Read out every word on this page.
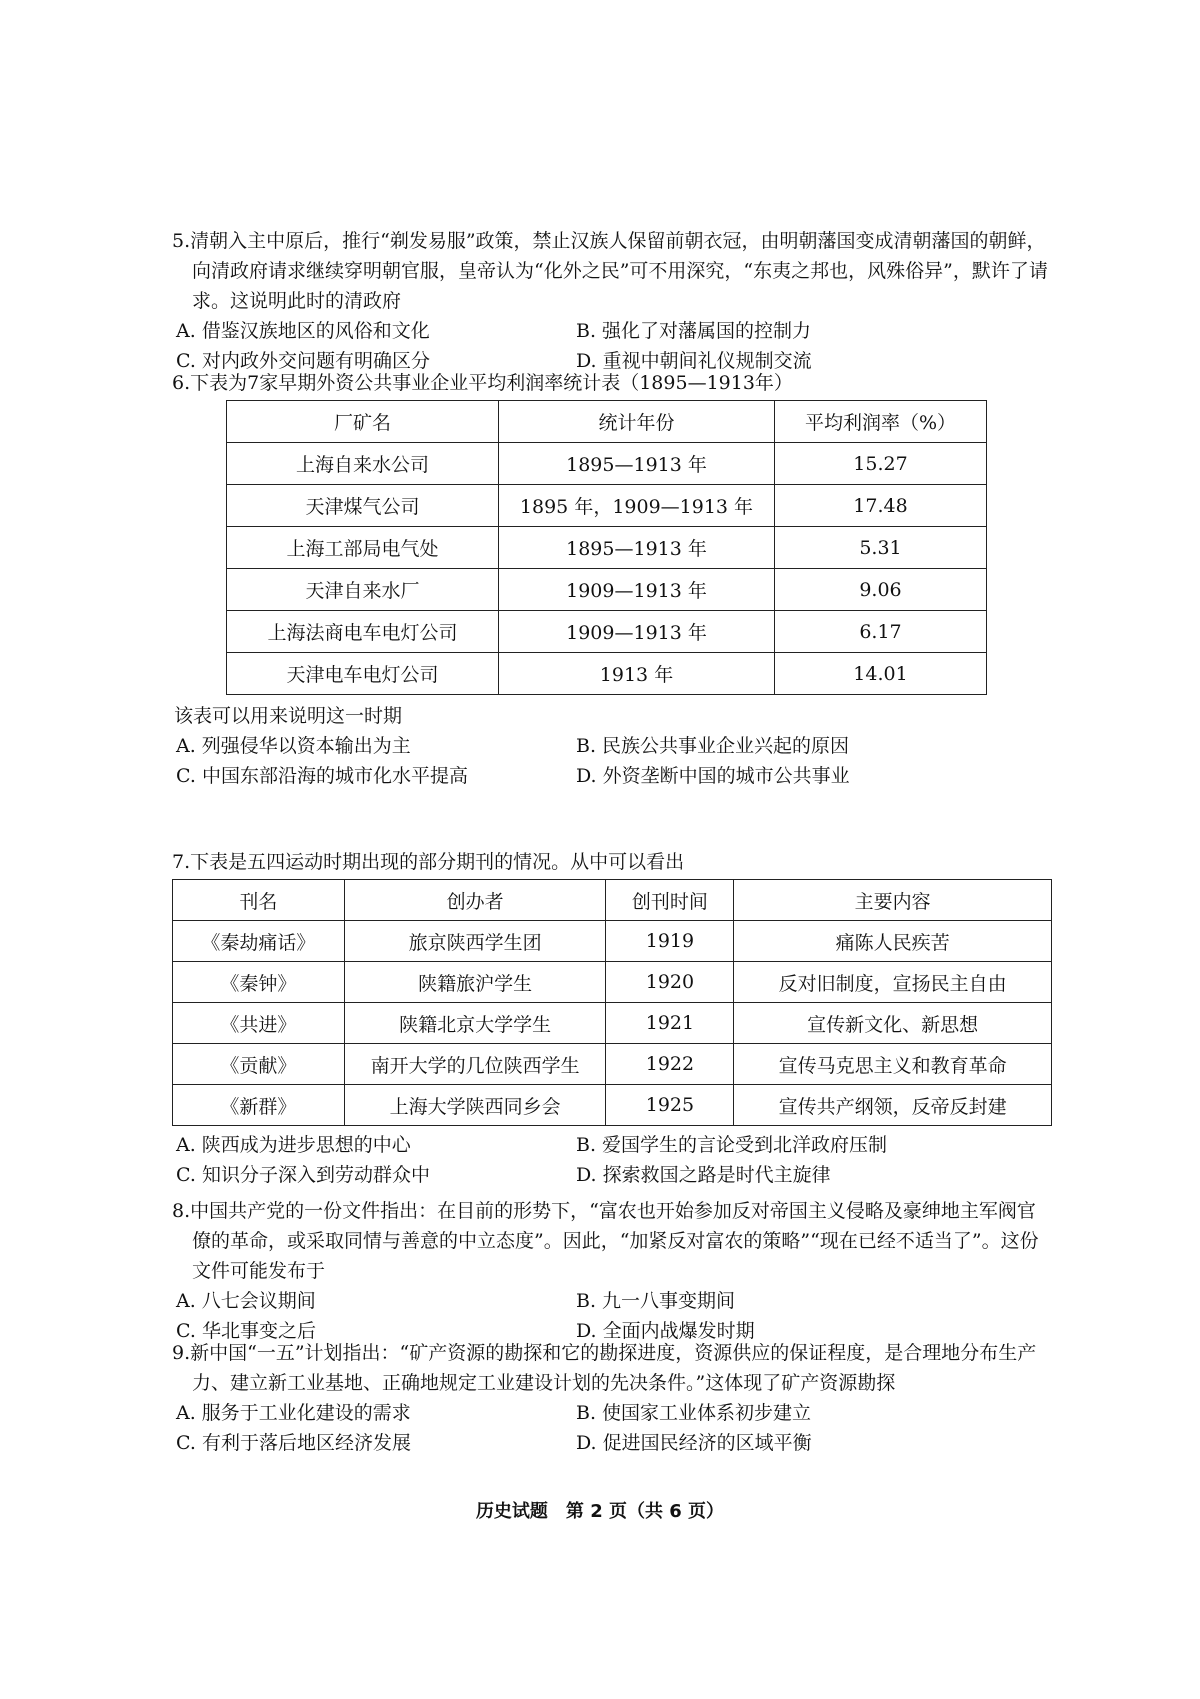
5.清朝入主中原后，推行“剃发易服”政策，禁止汉族人保留前朝衣冠，由明朝藩国变成清朝藩国的朝鲜，向清政府请求继续穿明朝官服，皇帝认为“化外之民”可不用深究，“东夷之邦也，风殊俗异”，默许了请求。这说明此时的清政府

A. 借鉴汉族地区的风俗和文化	B. 强化了对藩属国的控制力
C. 对内政外交问题有明确区分	D. 重视中朝间礼仪规制交流

6.下表为7家早期外资公共事业企业平均利润率统计表（1895—1913年）

厂矿名	统计年份	平均利润率（%）
上海自来水公司	1895—1913 年	15.27
天津煤气公司	1895 年，1909—1913 年	17.48
上海工部局电气处	1895—1913 年	5.31
天津自来水厂	1909—1913 年	9.06
上海法商电车电灯公司	1909—1913 年	6.17
天津电车电灯公司	1913 年	14.01

该表可以用来说明这一时期

A. 列强侵华以资本输出为主	B. 民族公共事业企业兴起的原因
C. 中国东部沿海的城市化水平提高	D. 外资垄断中国的城市公共事业

7.下表是五四运动时期出现的部分期刊的情况。从中可以看出

刊名	创办者	创刊时间	主要内容
《秦劫痛话》	旅京陕西学生团	1919	痛陈人民疾苦
《秦钟》	陕籍旅沪学生	1920	反对旧制度，宣扬民主自由
《共进》	陕籍北京大学学生	1921	宣传新文化、新思想
《贡献》	南开大学的几位陕西学生	1922	宣传马克思主义和教育革命
《新群》	上海大学陕西同乡会	1925	宣传共产纲领，反帝反封建
A. 陕西成为进步思想的中心	B. 爱国学生的言论受到北洋政府压制
C. 知识分子深入到劳动群众中	D. 探索救国之路是时代主旋律

8.中国共产党的一份文件指出：在目前的形势下，“富农也开始参加反对帝国主义侵略及豪绅地主军阀官僚的革命，或采取同情与善意的中立态度”。因此，“加紧反对富农的策略”“现在已经不适当了”。这份文件可能发布于

A. 八七会议期间	B. 九一八事变期间
C. 华北事变之后	D. 全面内战爆发时期

9.新中国“一五”计划指出：“矿产资源的勘探和它的勘探进度，资源供应的保证程度，是合理地分布生产力、建立新工业基地、正确地规定工业建设计划的先决条件。”这体现了矿产资源勘探

A. 服务于工业化建设的需求	B. 使国家工业体系初步建立
C. 有利于落后地区经济发展	D. 促进国民经济的区域平衡
历史试题　第 2 页（共 6 页）
